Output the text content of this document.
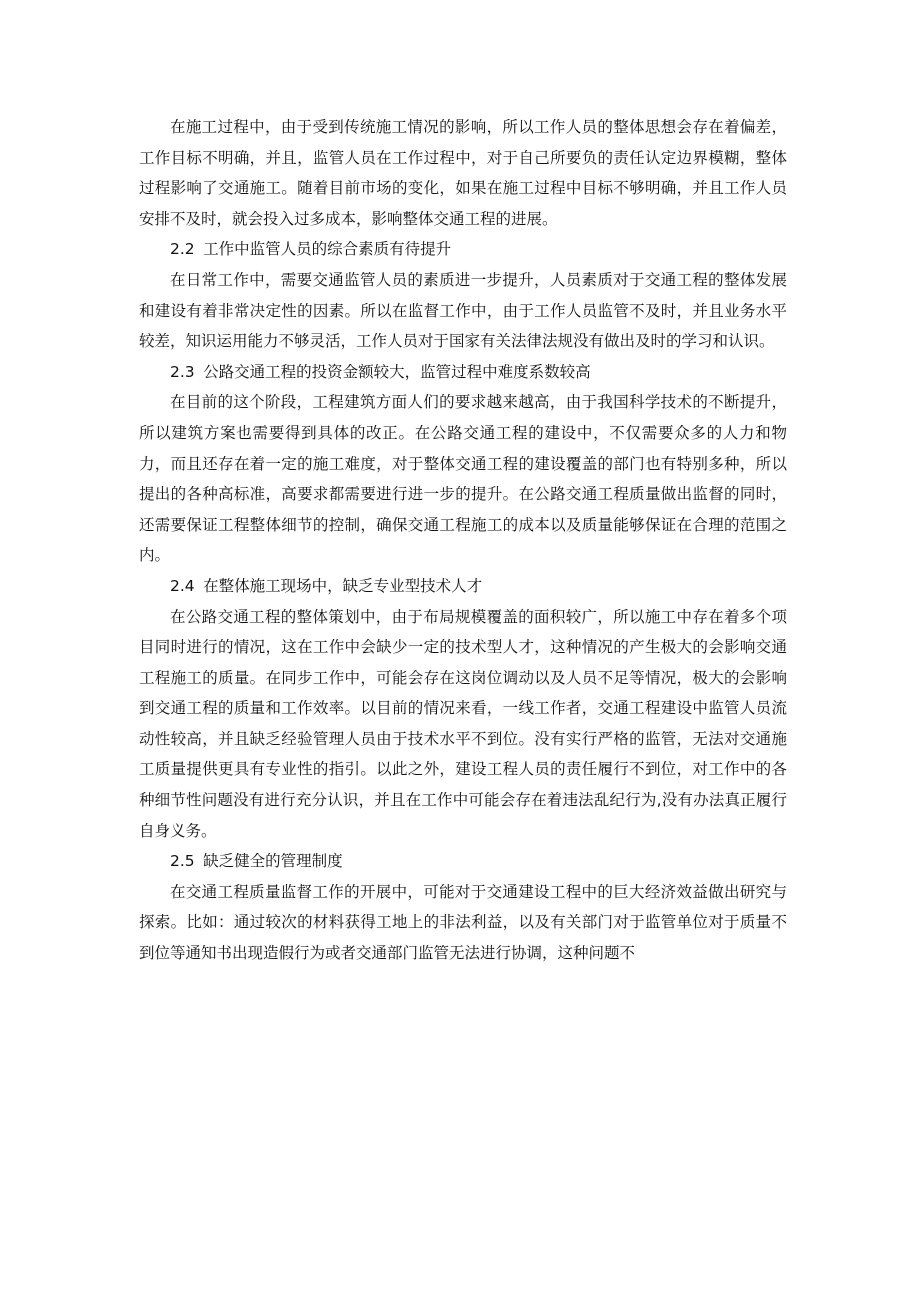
在施工过程中，由于受到传统施工情况的影响，所以工作人员的整体思想会存在着偏差，工作目标不明确，并且，监管人员在工作过程中，对于自己所要负的责任认定边界模糊，整体过程影响了交通施工。随着目前市场的变化，如果在施工过程中目标不够明确，并且工作人员安排不及时，就会投入过多成本，影响整体交通工程的进展。

2.2 工作中监管人员的综合素质有待提升

在日常工作中，需要交通监管人员的素质进一步提升，人员素质对于交通工程的整体发展和建设有着非常决定性的因素。所以在监督工作中，由于工作人员监管不及时，并且业务水平较差，知识运用能力不够灵活，工作人员对于国家有关法律法规没有做出及时的学习和认识。

2.3 公路交通工程的投资金额较大，监管过程中难度系数较高

在目前的这个阶段，工程建筑方面人们的要求越来越高，由于我国科学技术的不断提升，所以建筑方案也需要得到具体的改正。在公路交通工程的建设中，不仅需要众多的人力和物力，而且还存在着一定的施工难度，对于整体交通工程的建设覆盖的部门也有特别多种，所以提出的各种高标准，高要求都需要进行进一步的提升。在公路交通工程质量做出监督的同时，还需要保证工程整体细节的控制，确保交通工程施工的成本以及质量能够保证在合理的范围之内。

2.4 在整体施工现场中，缺乏专业型技术人才

在公路交通工程的整体策划中，由于布局规模覆盖的面积较广，所以施工中存在着多个项目同时进行的情况，这在工作中会缺少一定的技术型人才，这种情况的产生极大的会影响交通工程施工的质量。在同步工作中，可能会存在这岗位调动以及人员不足等情况，极大的会影响到交通工程的质量和工作效率。以目前的情况来看，一线工作者，交通工程建设中监管人员流动性较高，并且缺乏经验管理人员由于技术水平不到位。没有实行严格的监管，无法对交通施工质量提供更具有专业性的指引。以此之外，建设工程人员的责任履行不到位，对工作中的各种细节性问题没有进行充分认识，并且在工作中可能会存在着违法乱纪行为,没有办法真正履行自身义务。

2.5 缺乏健全的管理制度

在交通工程质量监督工作的开展中，可能对于交通建设工程中的巨大经济效益做出研究与探索。比如：通过较次的材料获得工地上的非法利益，以及有关部门对于监管单位对于质量不到位等通知书出现造假行为或者交通部门监管无法进行协调，这种问题不
